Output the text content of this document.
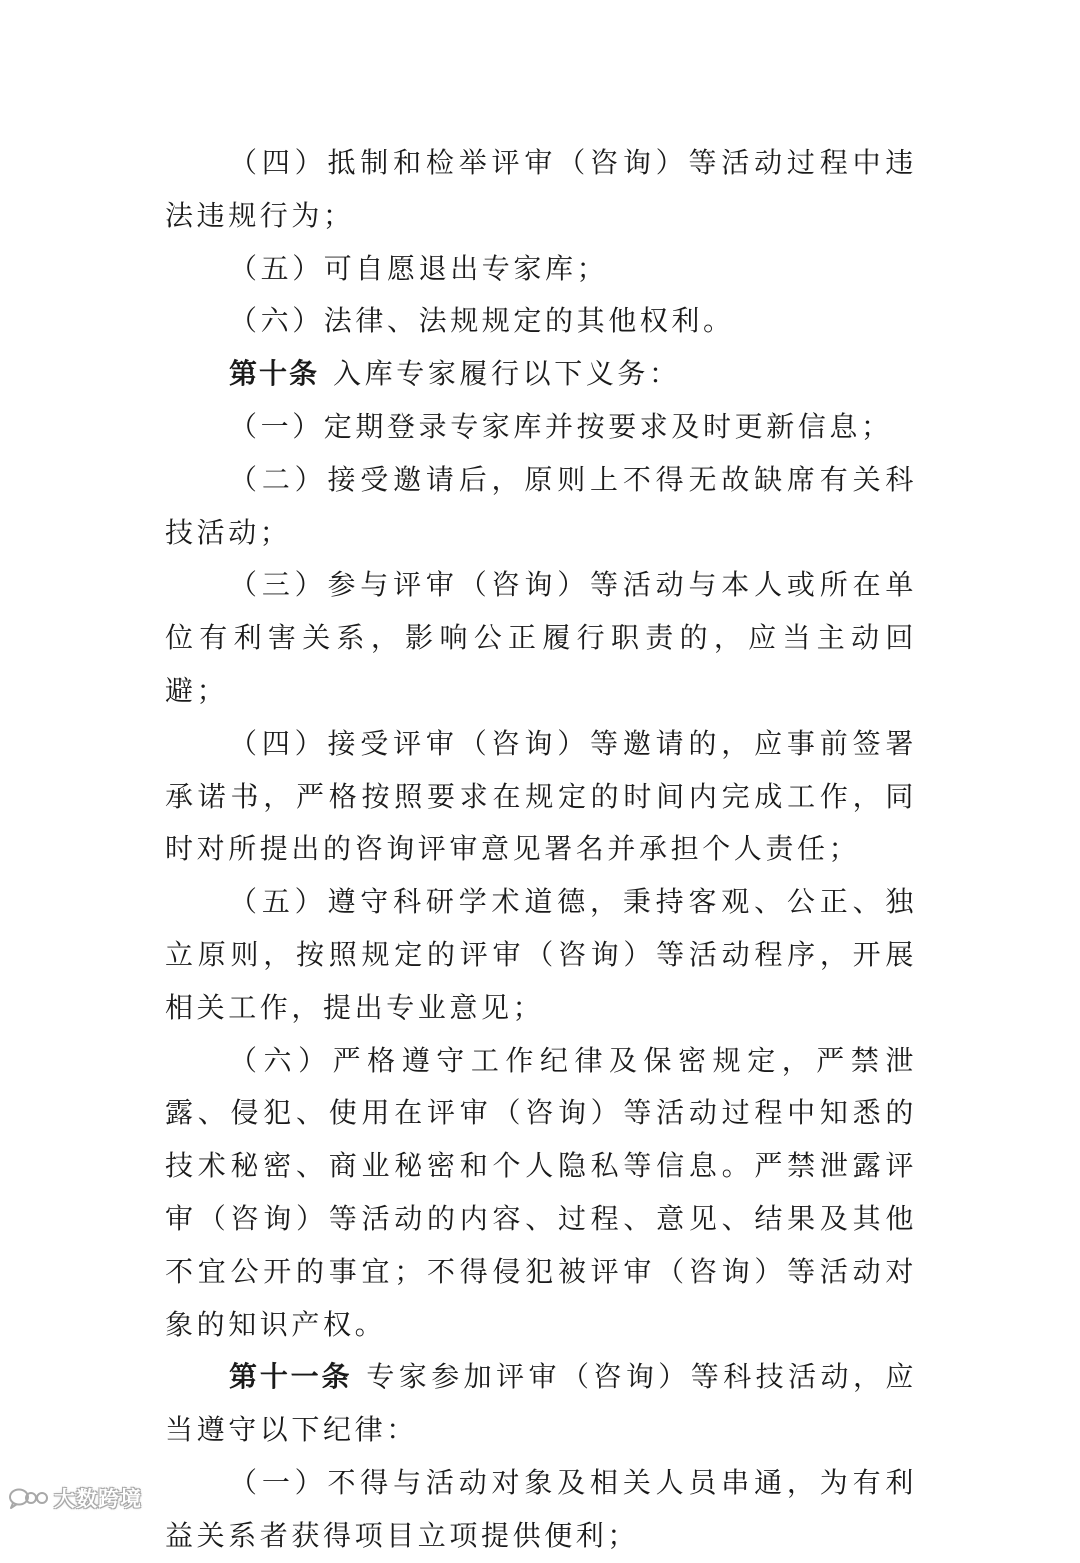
（四）抵制和检举评审（咨询）等活动过程中违法违规行为；

（五）可自愿退出专家库；

（六）法律、法规规定的其他权利。

第十条 入库专家履行以下义务：

（一）定期登录专家库并按要求及时更新信息；

（二）接受邀请后，原则上不得无故缺席有关科技活动；

（三）参与评审（咨询）等活动与本人或所在单位有利害关系，影响公正履行职责的，应当主动回避；

（四）接受评审（咨询）等邀请的，应事前签署承诺书，严格按照要求在规定的时间内完成工作，同时对所提出的咨询评审意见署名并承担个人责任；

（五）遵守科研学术道德，秉持客观、公正、独立原则，按照规定的评审（咨询）等活动程序，开展相关工作，提出专业意见；

（六）严格遵守工作纪律及保密规定，严禁泄露、侵犯、使用在评审（咨询）等活动过程中知悉的技术秘密、商业秘密和个人隐私等信息。严禁泄露评审（咨询）等活动的内容、过程、意见、结果及其他不宜公开的事宜；不得侵犯被评审（咨询）等活动对象的知识产权。

第十一条 专家参加评审（咨询）等科技活动，应当遵守以下纪律：

（一）不得与活动对象及相关人员串通，为有利益关系者获得项目立项提供便利；

大数跨境
